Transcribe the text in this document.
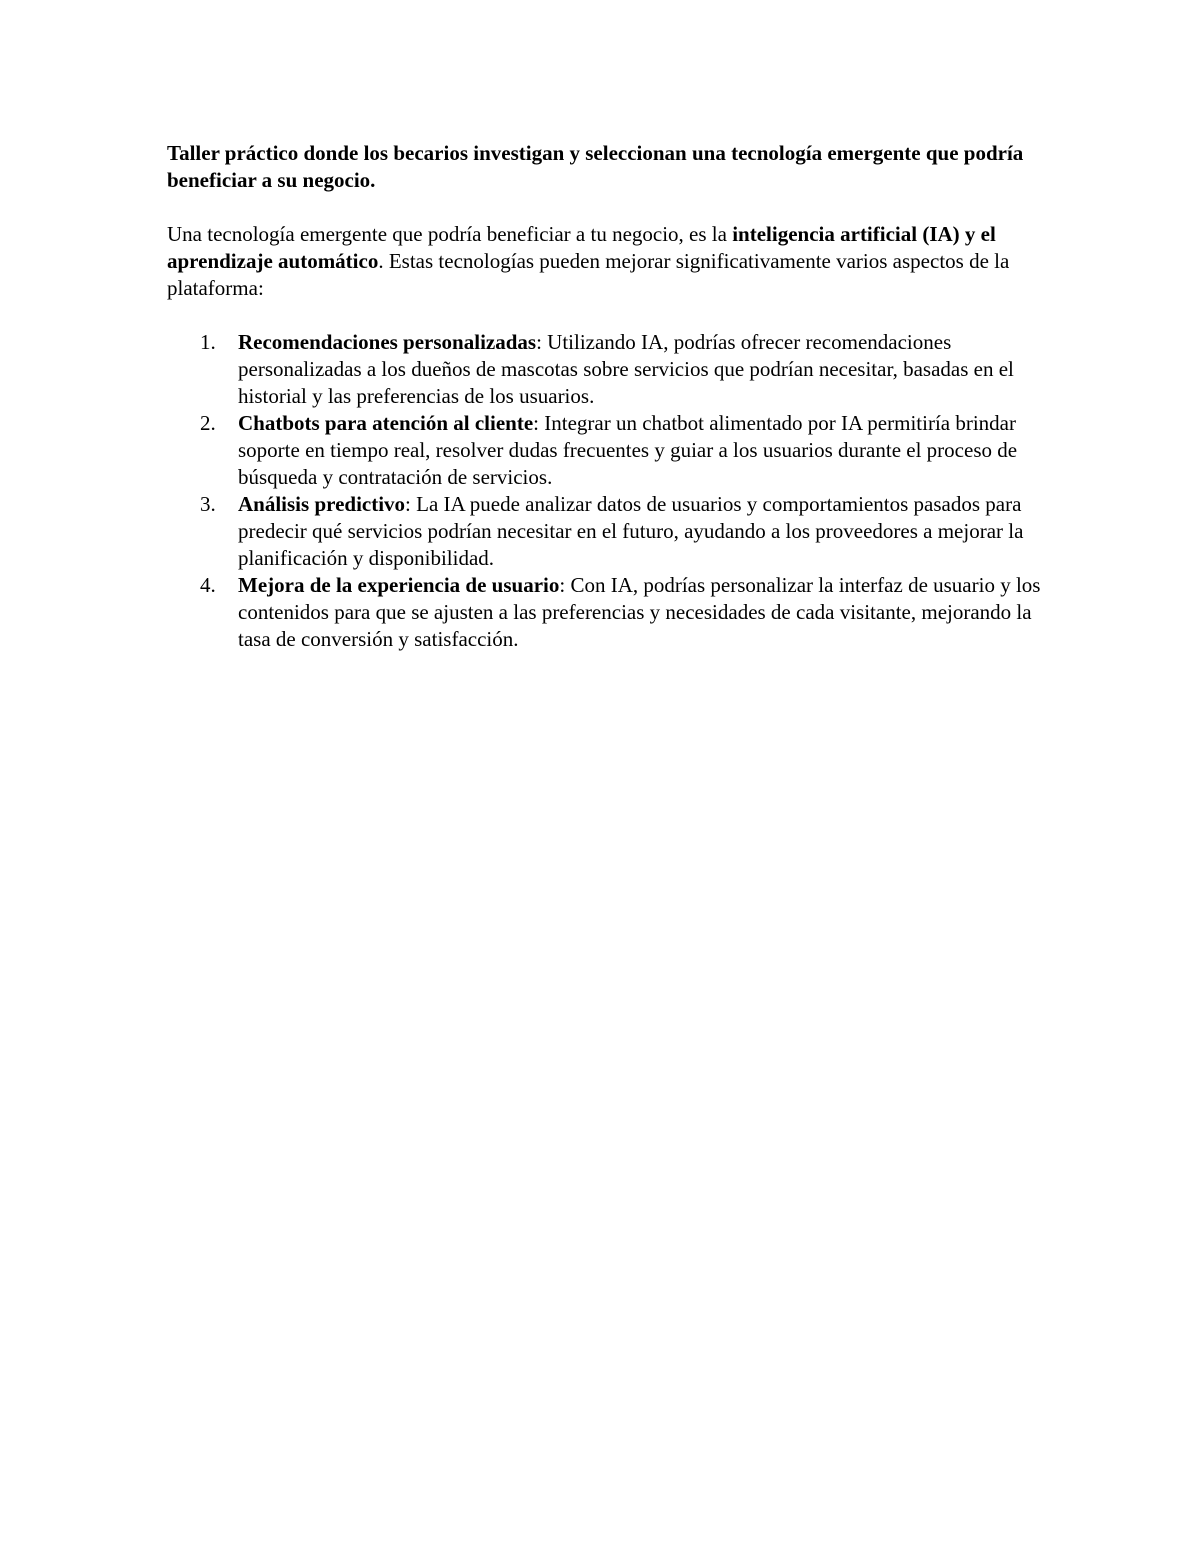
Taller práctico donde los becarios investigan y seleccionan una tecnología emergente que podría beneficiar a su negocio.

Una tecnología emergente que podría beneficiar a tu negocio, es la inteligencia artificial (IA) y el aprendizaje automático. Estas tecnologías pueden mejorar significativamente varios aspectos de la plataforma:

1.	Recomendaciones personalizadas: Utilizando IA, podrías ofrecer recomendaciones personalizadas a los dueños de mascotas sobre servicios que podrían necesitar, basadas en el historial y las preferencias de los usuarios.
2.	Chatbots para atención al cliente: Integrar un chatbot alimentado por IA permitiría brindar soporte en tiempo real, resolver dudas frecuentes y guiar a los usuarios durante el proceso de búsqueda y contratación de servicios.
3.	Análisis predictivo: La IA puede analizar datos de usuarios y comportamientos pasados para predecir qué servicios podrían necesitar en el futuro, ayudando a los proveedores a mejorar la planificación y disponibilidad.
4.	Mejora de la experiencia de usuario: Con IA, podrías personalizar la interfaz de usuario y los contenidos para que se ajusten a las preferencias y necesidades de cada visitante, mejorando la tasa de conversión y satisfacción.
